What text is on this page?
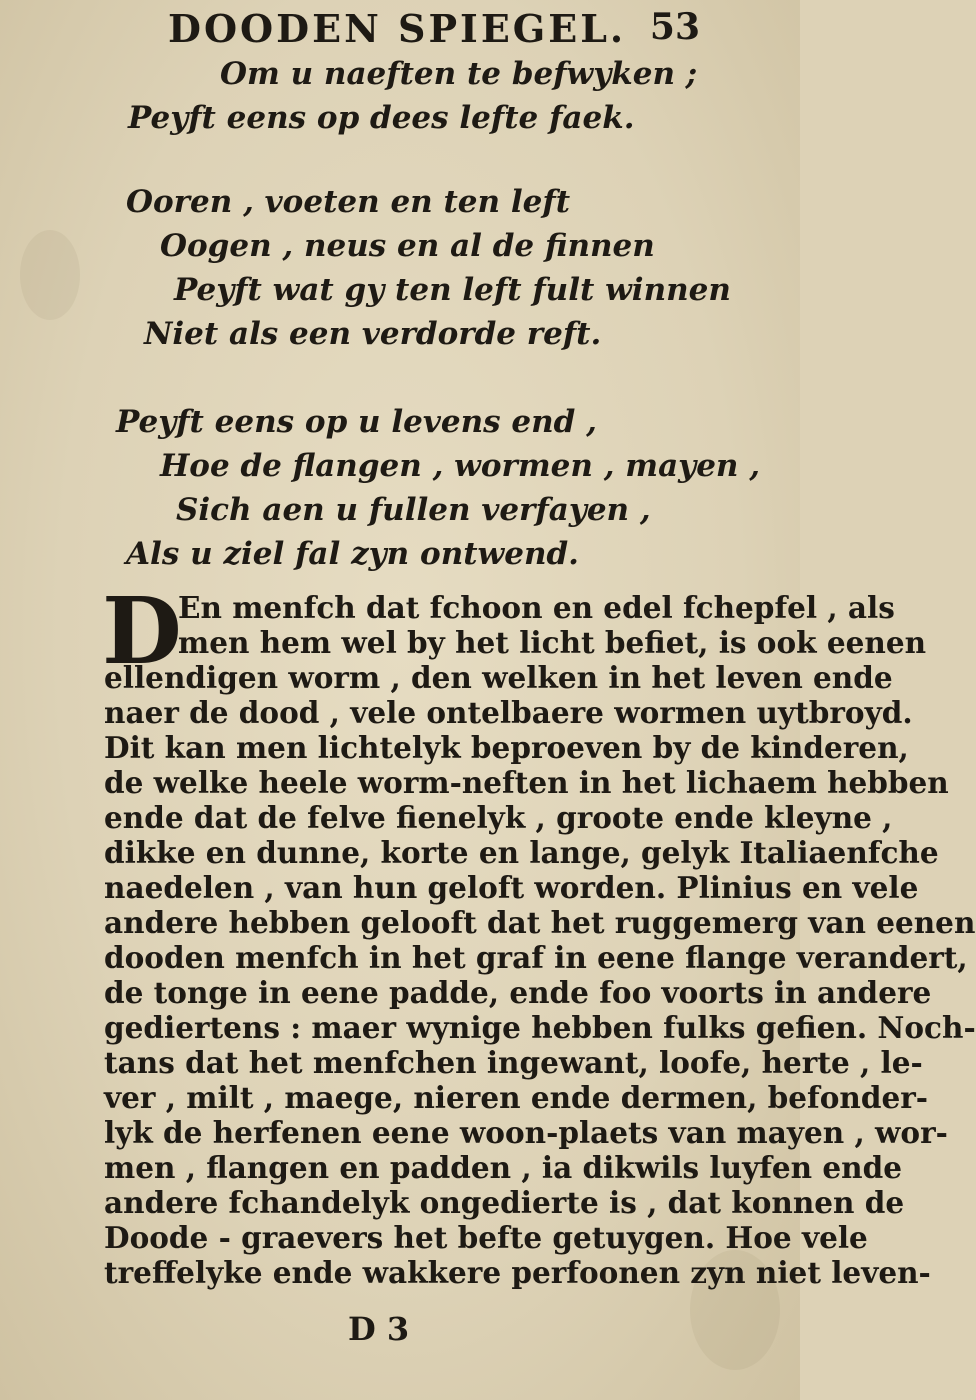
DOODEN SPIEGEL. 53
Om u naeften te befwyken ;
Peyft eens op dees lefte faek.
Ooren , voeten en ten left
Oogen , neus en al de finnen
Peyft wat gy ten left fult winnen
Niet als een verdorde reft.
Peyft eens op u levens end ,
Hoe de flangen , wormen , mayen ,
Sich aen u fullen verfayen ,
Als u ziel fal zyn ontwend.
D
En menfch dat fchoon en edel fchepfel , als
men hem wel by het licht befiet, is ook eenen
ellendigen worm , den welken in het leven ende
naer de dood , vele ontelbaere wormen uytbroyd.
Dit kan men lichtelyk beproeven by de kinderen,
de welke heele worm-neften in het lichaem hebben
ende dat de felve fienelyk , groote ende kleyne ,
dikke en dunne, korte en lange, gelyk Italiaenfche
naedelen , van hun geloft worden. Plinius en vele
andere hebben gelooft dat het ruggemerg van eenen
dooden menfch in het graf in eene flange verandert,
de tonge in eene padde, ende foo voorts in andere
gediertens : maer wynige hebben fulks gefien. Noch-
tans dat het menfchen ingewant, loofe, herte , le-
ver , milt , maege, nieren ende dermen, befonder-
lyk de herfenen eene woon-plaets van mayen , wor-
men , flangen en padden , ia dikwils luyfen ende
andere fchandelyk ongedierte is , dat konnen de
Doode - graevers het befte getuygen. Hoe vele
treffelyke ende wakkere perfoonen zyn niet leven-
D 3
